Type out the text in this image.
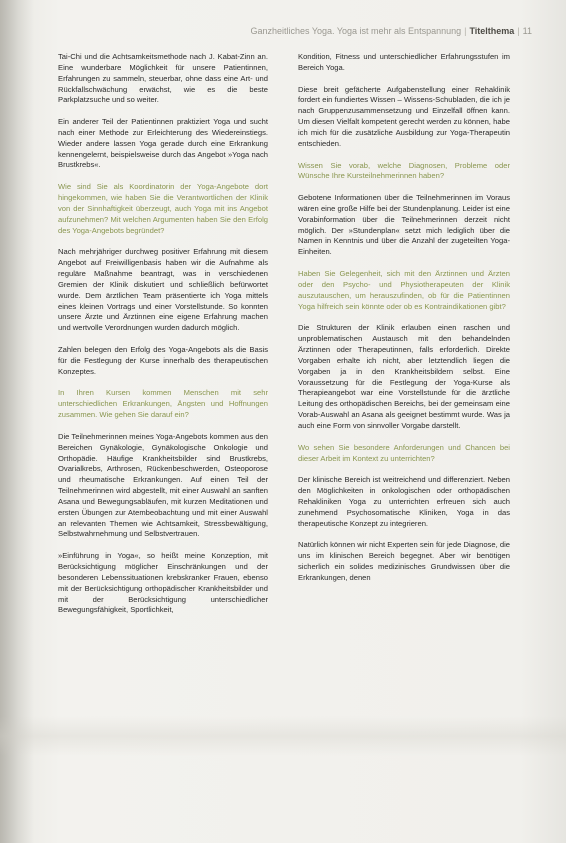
Ganzheitliches Yoga. Yoga ist mehr als Entspannung | Titelthema | 11

Tai-Chi und die Achtsamkeitsmethode nach J. Kabat-Zinn an. Eine wunderbare Möglichkeit für unsere Patientinnen, Erfahrungen zu sammeln, steuerbar, ohne dass eine Art- und Rückfallschwächung erwächst, wie es die beste Parkplatzsuche und so weiter.

Ein anderer Teil der Patientinnen praktiziert Yoga und sucht nach einer Methode zur Erleichterung des Wiedereinstiegs. Wieder andere lassen Yoga gerade durch eine Erkrankung kennengelernt, beispielsweise durch das Angebot »Yoga nach Brustkrebs«.

Wie sind Sie als Koordinatorin der Yoga-Angebote dort hingekommen, wie haben Sie die Verantwortlichen der Klinik von der Sinnhaftigkeit überzeugt, auch Yoga mit ins Angebot aufzunehmen? Mit welchen Argumenten haben Sie den Erfolg des Yoga-Angebots begründet?

Nach mehrjähriger durchweg positiver Erfahrung mit diesem Angebot auf Freiwilligenbasis haben wir die Aufnahme als reguläre Maßnahme beantragt, was in verschiedenen Gremien der Klinik diskutiert und schließlich befürwortet wurde. Dem ärztlichen Team präsentierte ich Yoga mittels eines kleinen Vortrags und einer Vorstellstunde. So konnten unsere Ärzte und Ärztinnen eine eigene Erfahrung machen und wertvolle Verordnungen wurden dadurch möglich.

Zahlen belegen den Erfolg des Yoga-Angebots als die Basis für die Festlegung der Kurse innerhalb des therapeutischen Konzeptes.

In Ihren Kursen kommen Menschen mit sehr unterschiedlichen Erkrankungen, Ängsten und Hoffnungen zusammen. Wie gehen Sie darauf ein?

Die Teilnehmerinnen meines Yoga-Angebots kommen aus den Bereichen Gynäkologie, Gynäkologische Onkologie und Orthopädie. Häufige Krankheitsbilder sind Brustkrebs, Ovarialkrebs, Arthrosen, Rückenbeschwerden, Osteoporose und rheumatische Erkrankungen. Auf einen Teil der Teilnehmerinnen wird abgestellt, mit einer Auswahl an sanften Asana und Bewegungsabläufen, mit kurzen Meditationen und ersten Übungen zur Atembeobachtung und mit einer Auswahl an relevanten Themen wie Achtsamkeit, Stressbewältigung, Selbstwahrnehmung und Selbstvertrauen.

»Einführung in Yoga«, so heißt meine Konzeption, mit Berücksichtigung möglicher Einschränkungen und der besonderen Lebenssituationen krebskranker Frauen, ebenso mit der Berücksichtigung orthopädischer Krankheitsbilder und mit der Berücksichtigung unterschiedlicher Bewegungsfähigkeit, Sportlichkeit,

Kondition, Fitness und unterschiedlicher Erfahrungsstufen im Bereich Yoga.

Diese breit gefächerte Aufgabenstellung einer Rehaklinik fordert ein fundiertes Wissen – Wissens-Schubladen, die ich je nach Gruppenzusammensetzung und Einzelfall öffnen kann. Um diesen Vielfalt kompetent gerecht werden zu können, habe ich mich für die zusätzliche Ausbildung zur Yoga-Therapeutin entschieden.

Wissen Sie vorab, welche Diagnosen, Probleme oder Wünsche Ihre Kursteilnehmerinnen haben?

Gebotene Informationen über die Teilnehmerinnen im Voraus wären eine große Hilfe bei der Stundenplanung. Leider ist eine Vorabinformation über die Teilnehmerinnen derzeit nicht möglich. Der »Stundenplan« setzt mich lediglich über die Namen in Kenntnis und über die Anzahl der zugeteilten Yoga-Einheiten.

Haben Sie Gelegenheit, sich mit den Ärztinnen und Ärzten oder den Psycho- und Physiotherapeuten der Klinik auszutauschen, um herauszufinden, ob für die Patientinnen Yoga hilfreich sein könnte oder ob es Kontraindikationen gibt?

Die Strukturen der Klinik erlauben einen raschen und unproblematischen Austausch mit den behandelnden Ärztinnen oder Therapeutinnen, falls erforderlich. Direkte Vorgaben erhalte ich nicht, aber letztendlich liegen die Vorgaben ja in den Krankheitsbildern selbst. Eine Voraussetzung für die Festlegung der Yoga-Kurse als Therapieangebot war eine Vorstellstunde für die ärztliche Leitung des orthopädischen Bereichs, bei der gemeinsam eine Vorab-Auswahl an Asana als geeignet bestimmt wurde. Was ja auch eine Form von sinnvoller Vorgabe darstellt.

Wo sehen Sie besondere Anforderungen und Chancen bei dieser Arbeit im Kontext zu unterrichten?

Der klinische Bereich ist weitreichend und differenziert. Neben den Möglichkeiten in onkologischen oder orthopädischen Rehakliniken Yoga zu unterrichten erfreuen sich auch zunehmend Psychosomatische Kliniken, Yoga in das therapeutische Konzept zu integrieren.

Natürlich können wir nicht Experten sein für jede Diagnose, die uns im klinischen Bereich begegnet. Aber wir benötigen sicherlich ein solides medizinisches Grundwissen über die Erkrankungen, denen
